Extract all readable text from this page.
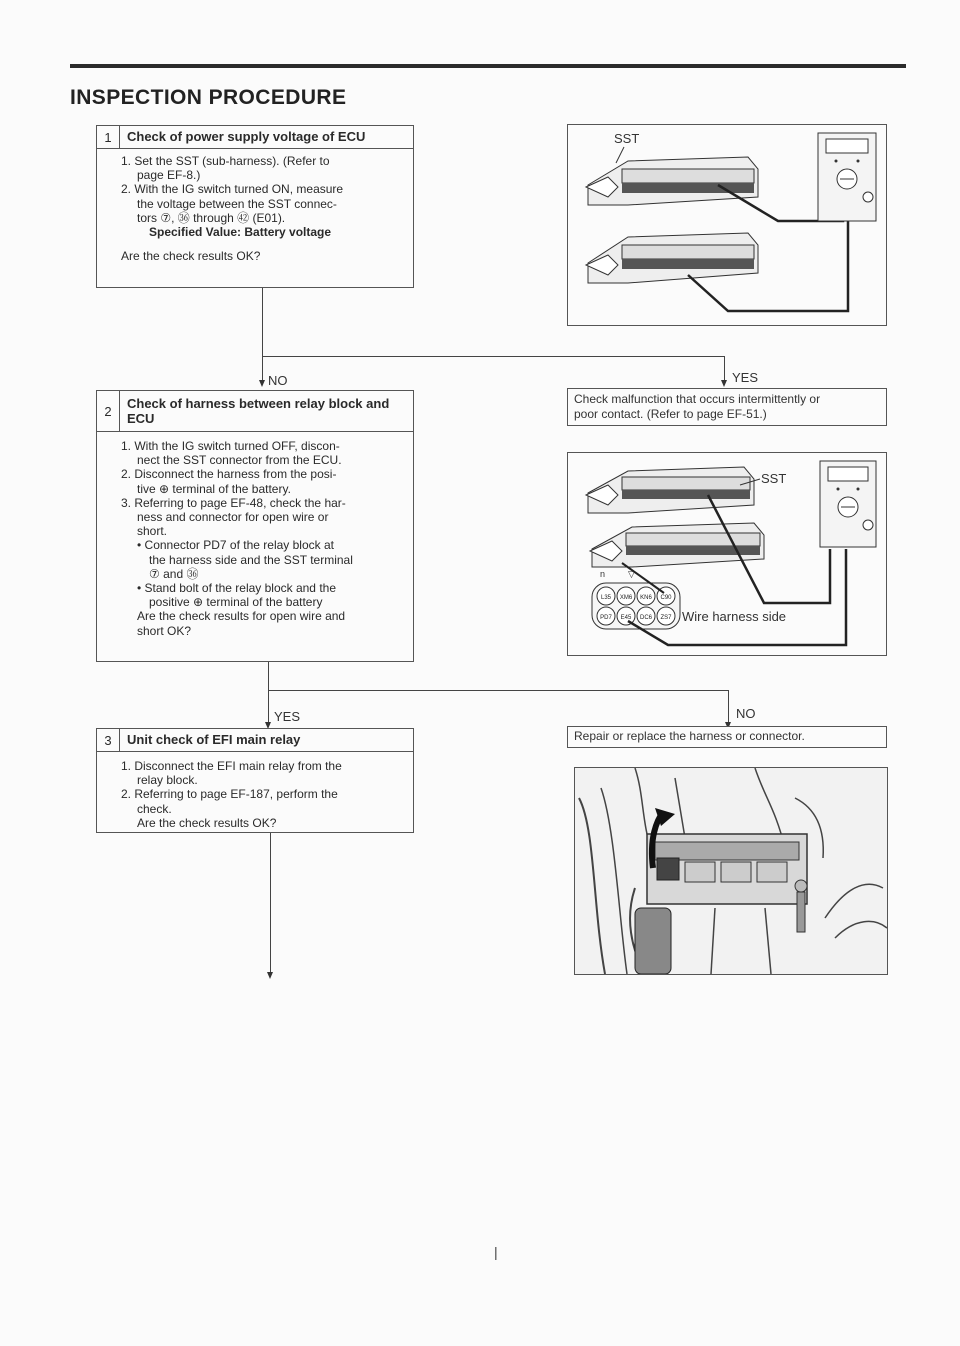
INSPECTION PROCEDURE
1	Check of power supply voltage of ECU

1. Set the SST (sub-harness). (Refer to

page EF-8.)

2. With the IG switch turned ON, measure

the voltage between the SST connec-

tors ⑦, ㊱ through ㊷ (E01).

Specified Value: Battery voltage

Are the check results OK?

NO	YES
Check malfunction that occurs intermittently or
poor contact. (Refer to page EF-51.)
2	Check of harness between relay block and ECU

1. With the IG switch turned OFF, discon-

nect the SST connector from the ECU.

2. Disconnect the harness from the posi-

tive ⊕ terminal of the battery.

3. Referring to page EF-48, check the har-

ness and connector for open wire or

short.

• Connector PD7 of the relay block at

the harness side and the SST terminal

⑦ and ㊱

• Stand bolt of the relay block and the

positive ⊕ terminal of the battery

Are the check results for open wire and

short OK?

YES	NO
Repair or replace the harness or connector.
3	Unit check of EFI main relay

1. Disconnect the EFI main relay from the

relay block.

2. Referring to page EF-187, perform the

check.

Are the check results OK?

SST
SST
n	▽
L35 XM6 KN6 C90
PD7 E45 DC6 ZS7 Wire harness side
|
